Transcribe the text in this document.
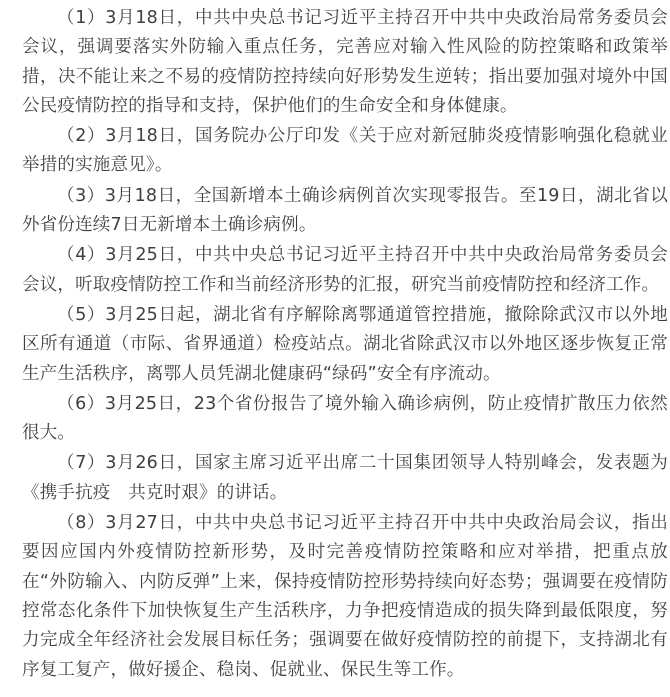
（1）3月18日，中共中央总书记习近平主持召开中共中央政治局常务委员会会议，强调要落实外防输入重点任务，完善应对输入性风险的防控策略和政策举措，决不能让来之不易的疫情防控持续向好形势发生逆转；指出要加强对境外中国公民疫情防控的指导和支持，保护他们的生命安全和身体健康。

（2）3月18日，国务院办公厅印发《关于应对新冠肺炎疫情影响强化稳就业举措的实施意见》。

（3）3月18日，全国新增本土确诊病例首次实现零报告。至19日，湖北省以外省份连续7日无新增本土确诊病例。

（4）3月25日，中共中央总书记习近平主持召开中共中央政治局常务委员会会议，听取疫情防控工作和当前经济形势的汇报，研究当前疫情防控和经济工作。

（5）3月25日起，湖北省有序解除离鄂通道管控措施，撤除除武汉市以外地区所有通道（市际、省界通道）检疫站点。湖北省除武汉市以外地区逐步恢复正常生产生活秩序，离鄂人员凭湖北健康码“绿码”安全有序流动。

（6）3月25日，23个省份报告了境外输入确诊病例，防止疫情扩散压力依然很大。

（7）3月26日，国家主席习近平出席二十国集团领导人特别峰会，发表题为《携手抗疫　共克时艰》的讲话。

（8）3月27日，中共中央总书记习近平主持召开中共中央政治局会议，指出要因应国内外疫情防控新形势，及时完善疫情防控策略和应对举措，把重点放在“外防输入、内防反弹”上来，保持疫情防控形势持续向好态势；强调要在疫情防控常态化条件下加快恢复生产生活秩序，力争把疫情造成的损失降到最低限度，努力完成全年经济社会发展目标任务；强调要在做好疫情防控的前提下，支持湖北有序复工复产，做好援企、稳岗、促就业、保民生等工作。
